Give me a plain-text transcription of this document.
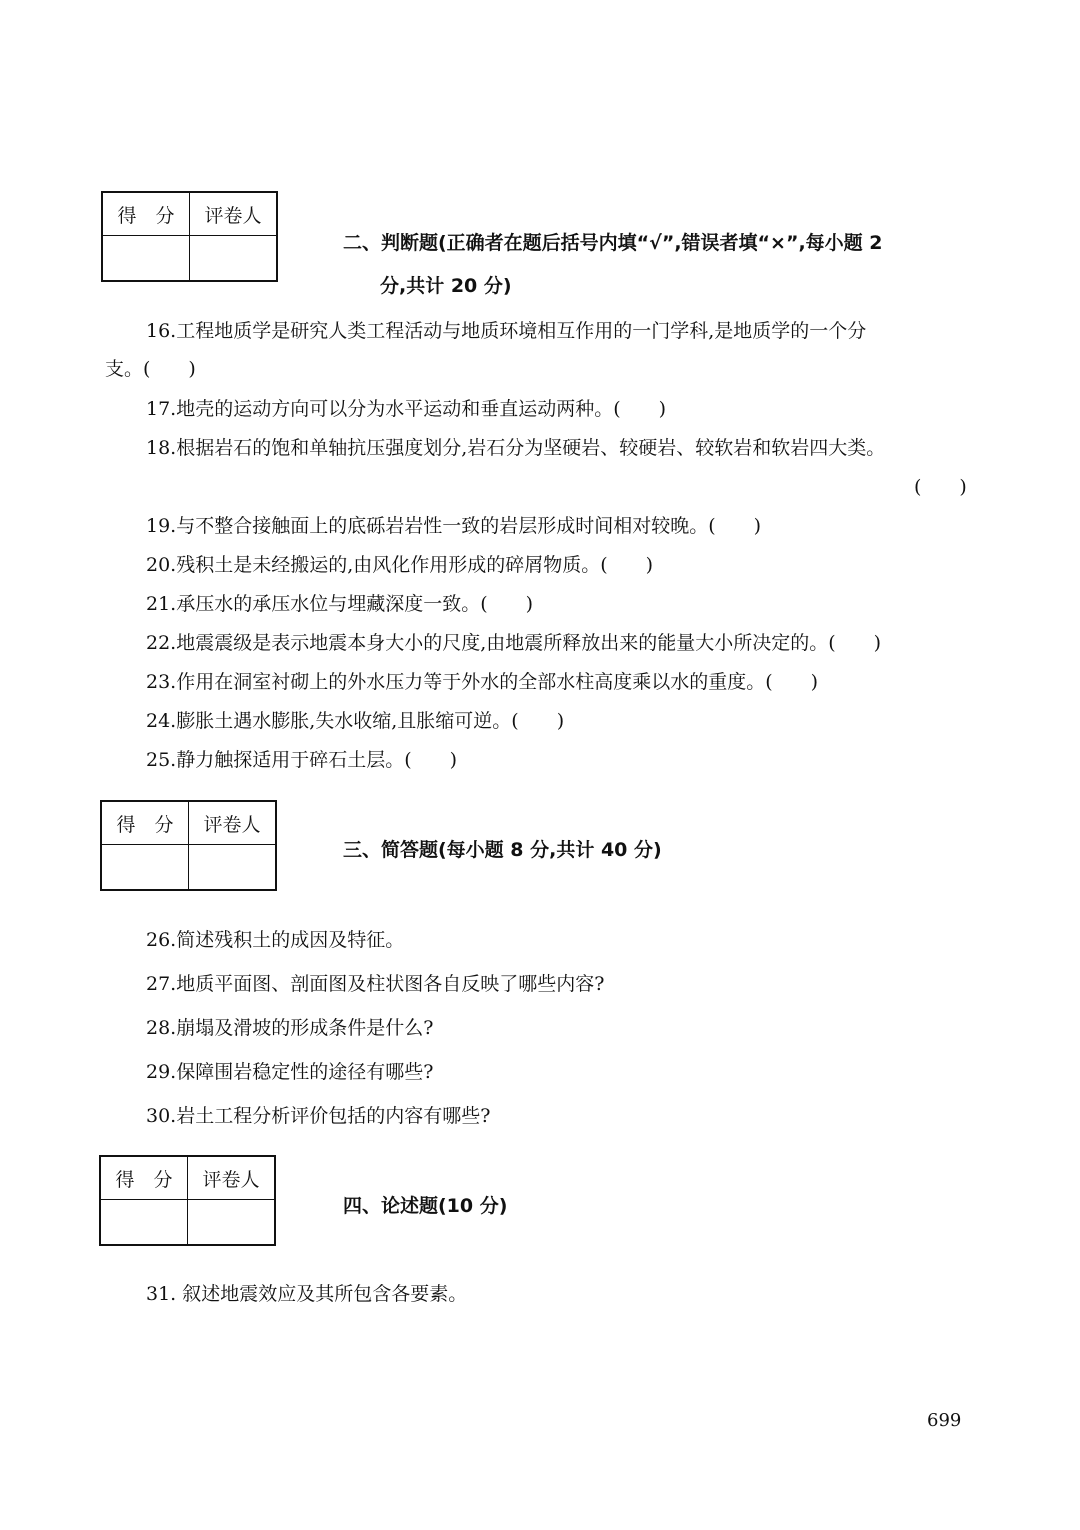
得　分	评卷人

二、判断题(正确者在题后括号内填“√”,错误者填“×”,每小题 2
分,共计 20 分)
16.工程地质学是研究人类工程活动与地质环境相互作用的一门学科,是地质学的一个分
支。(　　)
17.地壳的运动方向可以分为水平运动和垂直运动两种。(　　)
18.根据岩石的饱和单轴抗压强度划分,岩石分为坚硬岩、较硬岩、较软岩和软岩四大类。
(　　)
19.与不整合接触面上的底砾岩岩性一致的岩层形成时间相对较晚。(　　)
20.残积土是未经搬运的,由风化作用形成的碎屑物质。(　　)
21.承压水的承压水位与埋藏深度一致。(　　)
22.地震震级是表示地震本身大小的尺度,由地震所释放出来的能量大小所决定的。(　　)
23.作用在洞室衬砌上的外水压力等于外水的全部水柱高度乘以水的重度。(　　)
24.膨胀土遇水膨胀,失水收缩,且胀缩可逆。(　　)
25.静力触探适用于碎石土层。(　　)
得　分	评卷人

三、简答题(每小题 8 分,共计 40 分)
26.简述残积土的成因及特征。
27.地质平面图、剖面图及柱状图各自反映了哪些内容?
28.崩塌及滑坡的形成条件是什么?
29.保障围岩稳定性的途径有哪些?
30.岩土工程分析评价包括的内容有哪些?
得　分	评卷人

四、论述题(10 分)
31. 叙述地震效应及其所包含各要素。
699
